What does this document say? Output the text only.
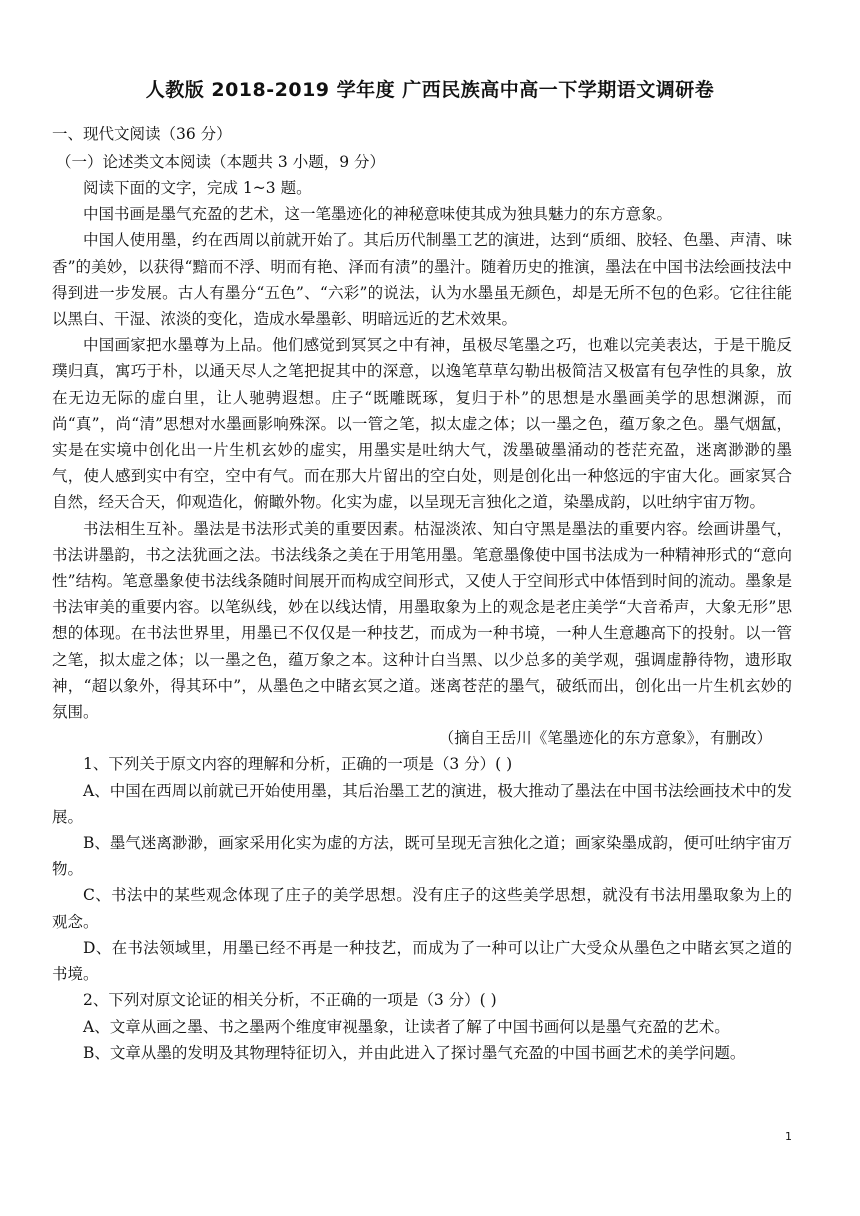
人教版 2018-2019 学年度 广西民族高中高一下学期语文调研卷
一、现代文阅读（36 分）
（一）论述类文本阅读（本题共 3 小题，9 分）

阅读下面的文字，完成 1~3 题。

中国书画是墨气充盈的艺术，这一笔墨迹化的神秘意味使其成为独具魅力的东方意象。

中国人使用墨，约在西周以前就开始了。其后历代制墨工艺的演进，达到“质细、胶轻、色墨、声清、味香”的美妙，以获得“黯而不浮、明而有艳、泽而有渍”的墨汁。随着历史的推演，墨法在中国书法绘画技法中得到进一步发展。古人有墨分“五色”、“六彩”的说法，认为水墨虽无颜色，却是无所不包的色彩。它往往能以黑白、干湿、浓淡的变化，造成水晕墨彰、明暗远近的艺术效果。

中国画家把水墨尊为上品。他们感觉到冥冥之中有神，虽极尽笔墨之巧，也难以完美表达，于是干脆反璞归真，寓巧于朴，以通天尽人之笔把捉其中的深意，以逸笔草草勾勒出极简洁又极富有包孕性的具象，放在无边无际的虚白里，让人驰骋遐想。庄子“既雕既琢，复归于朴”的思想是水墨画美学的思想渊源，而尚“真”，尚“清”思想对水墨画影响殊深。以一管之笔，拟太虚之体；以一墨之色，蕴万象之色。墨气烟氲，实是在实境中创化出一片生机玄妙的虚实，用墨实是吐纳大气，泼墨破墨涌动的苍茫充盈，迷离渺渺的墨气，使人感到实中有空，空中有气。而在那大片留出的空白处，则是创化出一种悠远的宇宙大化。画家冥合自然，经天合天，仰观造化，俯瞰外物。化实为虚，以呈现无言独化之道，染墨成韵，以吐纳宇宙万物。

书法相生互补。墨法是书法形式美的重要因素。枯湿淡浓、知白守黑是墨法的重要内容。绘画讲墨气，书法讲墨韵，书之法犹画之法。书法线条之美在于用笔用墨。笔意墨像使中国书法成为一种精神形式的“意向性”结构。笔意墨象使书法线条随时间展开而构成空间形式，又使人于空间形式中体悟到时间的流动。墨象是书法审美的重要内容。以笔纵线，妙在以线达情，用墨取象为上的观念是老庄美学“大音希声，大象无形”思想的体现。在书法世界里，用墨已不仅仅是一种技艺，而成为一种书境，一种人生意趣高下的投射。以一管之笔，拟太虚之体；以一墨之色，蕴万象之本。这种计白当黑、以少总多的美学观，强调虚静待物，遗形取神，“超以象外，得其环中”，从墨色之中睹玄冥之道。迷离苍茫的墨气，破纸而出，创化出一片生机玄妙的氛围。

（摘自王岳川《笔墨迹化的东方意象》，有删改）

1、下列关于原文内容的理解和分析，正确的一项是（3 分）( )

A、中国在西周以前就已开始使用墨，其后治墨工艺的演进，极大推动了墨法在中国书法绘画技术中的发展。

B、墨气迷离渺渺，画家采用化实为虚的方法，既可呈现无言独化之道；画家染墨成韵，便可吐纳宇宙万物。

C、书法中的某些观念体现了庄子的美学思想。没有庄子的这些美学思想，就没有书法用墨取象为上的观念。

D、在书法领域里，用墨已经不再是一种技艺，而成为了一种可以让广大受众从墨色之中睹玄冥之道的书境。

2、下列对原文论证的相关分析，不正确的一项是（3 分）( )

A、文章从画之墨、书之墨两个维度审视墨象，让读者了解了中国书画何以是墨气充盈的艺术。

B、文章从墨的发明及其物理特征切入，并由此进入了探讨墨气充盈的中国书画艺术的美学问题。

1
